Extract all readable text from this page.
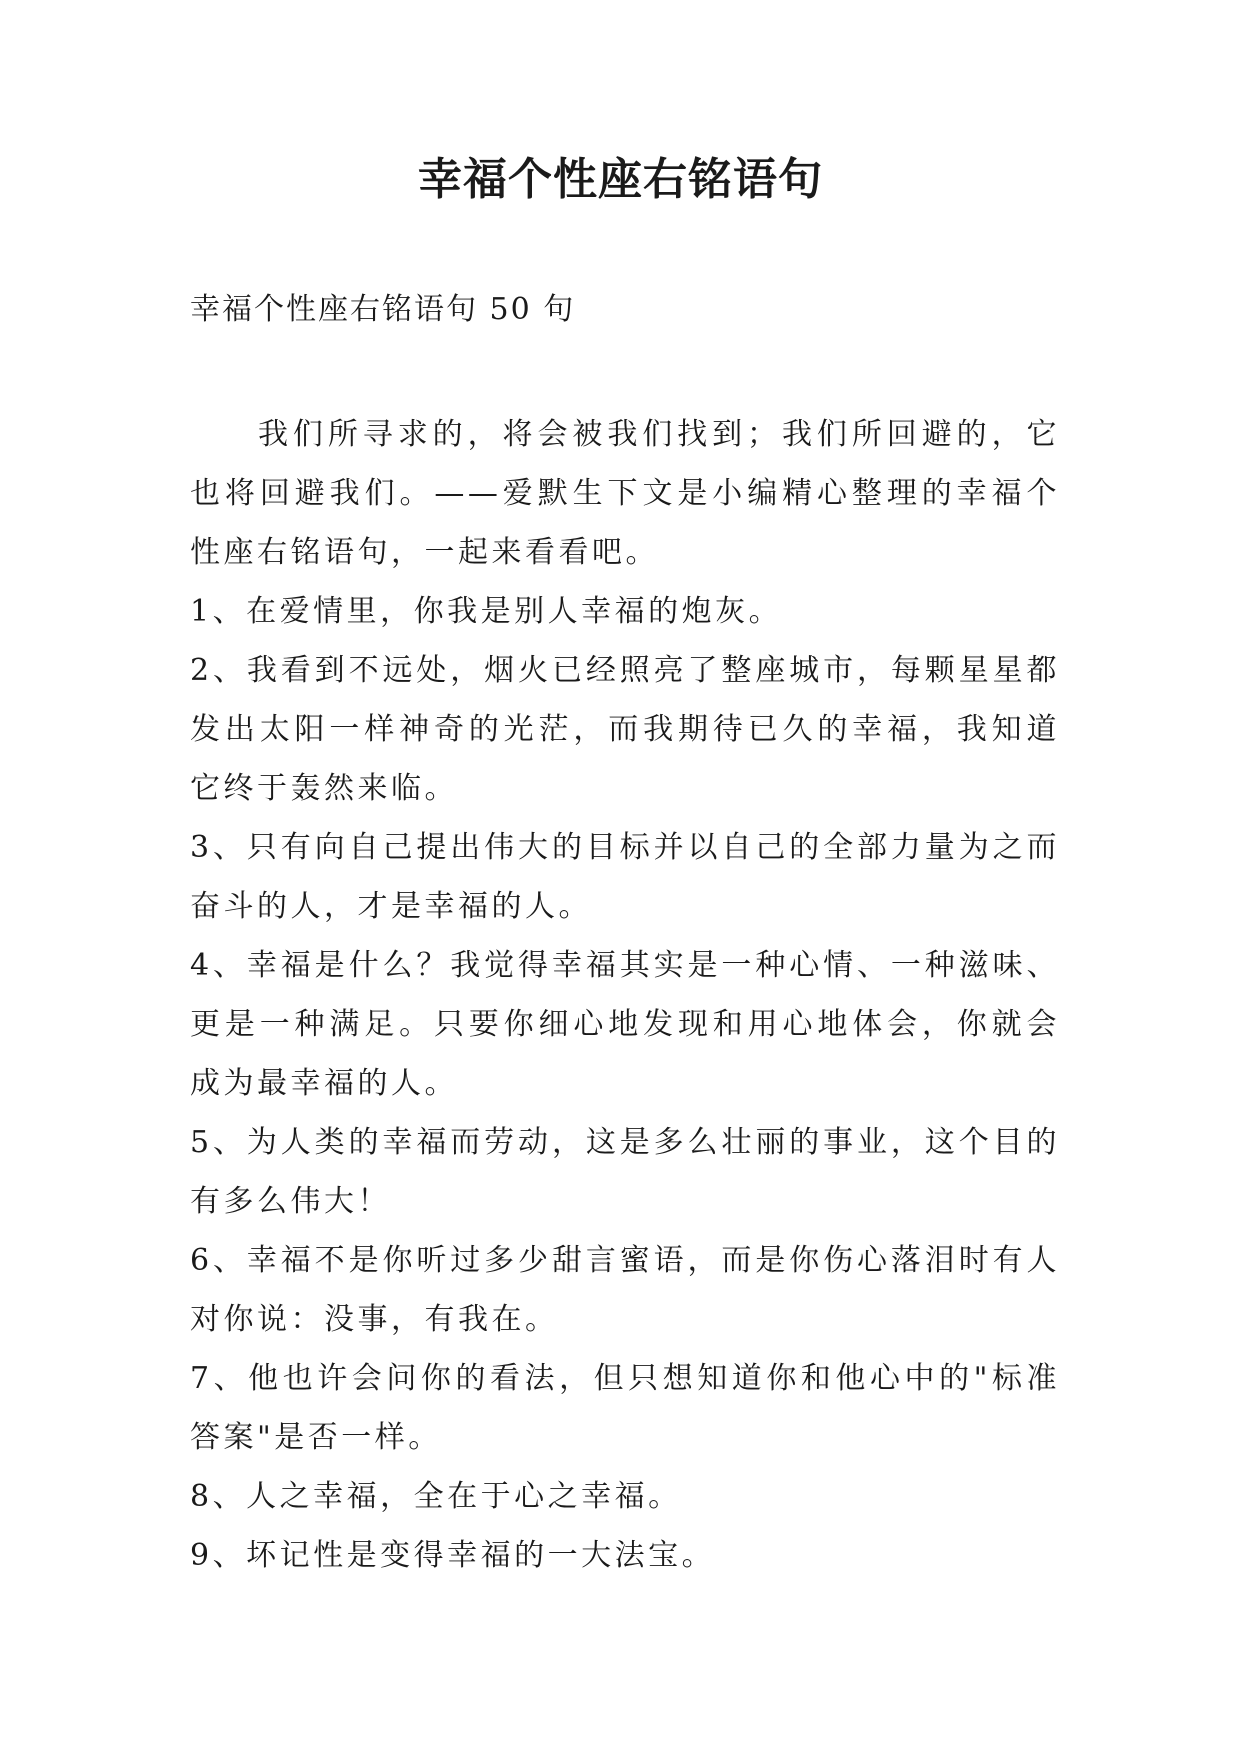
幸福个性座右铭语句
幸福个性座右铭语句 50 句

我们所寻求的，将会被我们找到；我们所回避的，它也将回避我们。——爱默生下文是小编精心整理的幸福个性座右铭语句，一起来看看吧。

1、在爱情里，你我是别人幸福的炮灰。

2、我看到不远处，烟火已经照亮了整座城市，每颗星星都发出太阳一样神奇的光茫，而我期待已久的幸福，我知道它终于轰然来临。

3、只有向自己提出伟大的目标并以自己的全部力量为之而奋斗的人，才是幸福的人。

4、幸福是什么？我觉得幸福其实是一种心情、一种滋味、更是一种满足。只要你细心地发现和用心地体会，你就会成为最幸福的人。

5、为人类的幸福而劳动，这是多么壮丽的事业，这个目的有多么伟大！

6、幸福不是你听过多少甜言蜜语，而是你伤心落泪时有人对你说：没事，有我在。

7、他也许会问你的看法，但只想知道你和他心中的"标准答案"是否一样。

8、人之幸福，全在于心之幸福。

9、坏记性是变得幸福的一大法宝。
